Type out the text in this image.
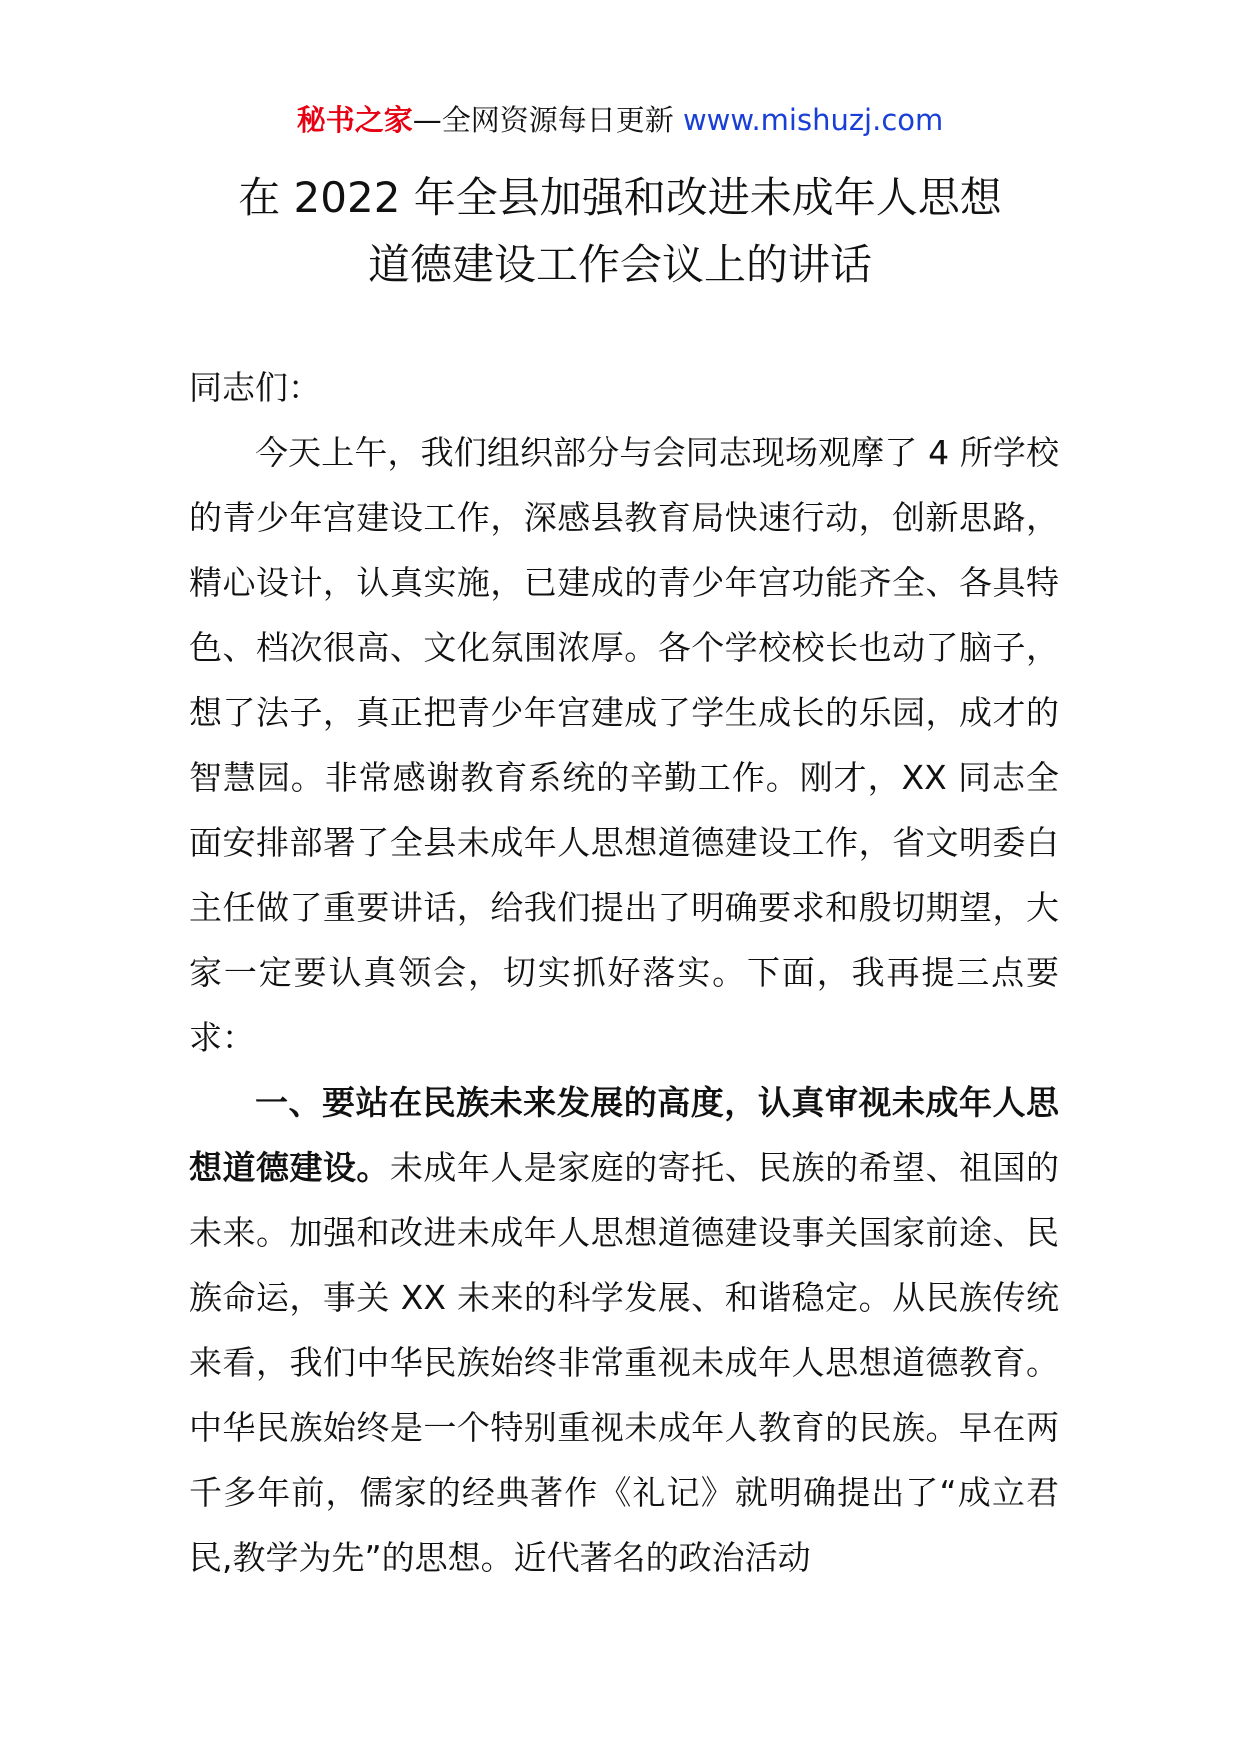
秘书之家—全网资源每日更新 www.mishuzj.com
在 2022 年全县加强和改进未成年人思想
道德建设工作会议上的讲话

同志们：

今天上午，我们组织部分与会同志现场观摩了 4 所学校的青少年宫建设工作，深感县教育局快速行动，创新思路，精心设计，认真实施，已建成的青少年宫功能齐全、各具特色、档次很高、文化氛围浓厚。各个学校校长也动了脑子，想了法子，真正把青少年宫建成了学生成长的乐园，成才的智慧园。非常感谢教育系统的辛勤工作。刚才，XX 同志全面安排部署了全县未成年人思想道德建设工作，省文明委白主任做了重要讲话，给我们提出了明确要求和殷切期望，大家一定要认真领会，切实抓好落实。下面，我再提三点要求：

一、要站在民族未来发展的高度，认真审视未成年人思想道德建设。未成年人是家庭的寄托、民族的希望、祖国的未来。加强和改进未成年人思想道德建设事关国家前途、民族命运，事关 XX 未来的科学发展、和谐稳定。从民族传统来看，我们中华民族始终非常重视未成年人思想道德教育。中华民族始终是一个特别重视未成年人教育的民族。早在两千多年前，儒家的经典著作《礼记》就明确提出了“成立君民,教学为先”的思想。近代著名的政治活动
